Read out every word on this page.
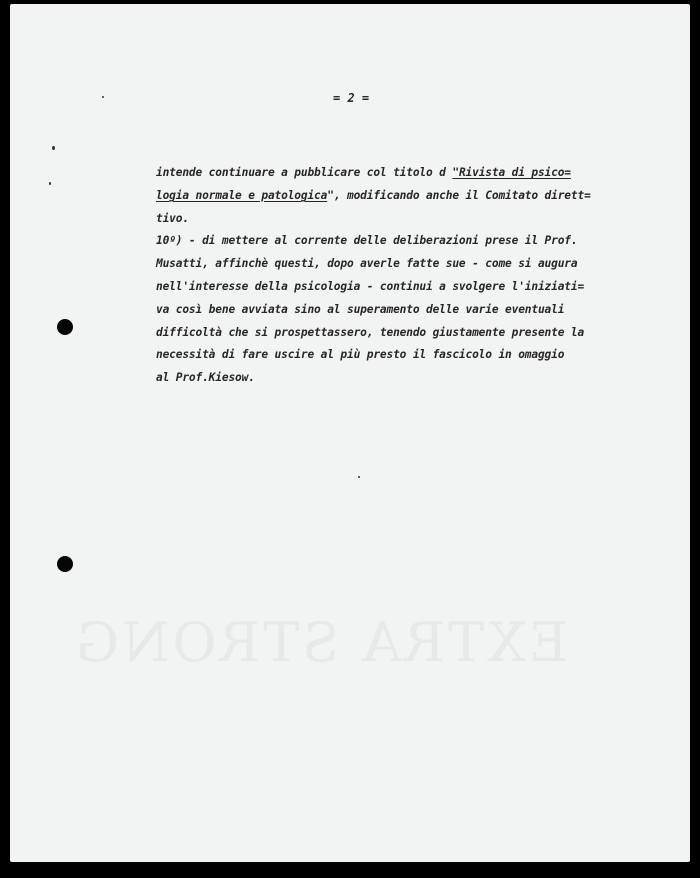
= 2 =
intende continuare a pubblicare col titolo d "Rivista di psico=
logia normale e patologica", modificando anche il Comitato dirett=
tivo.
10º) - di mettere al corrente delle deliberazioni prese il Prof.
Musatti, affinchè questi, dopo averle fatte sue - come si augura
nell'interesse della psicologia - continui a svolgere l'iniziati=
va così bene avviata sino al superamento delle varie eventuali
difficoltà che si prospettassero, tenendo giustamente presente la
necessità di fare uscire al più presto il fascicolo in omaggio
al Prof.Kiesow.
EXTRA STRONG
